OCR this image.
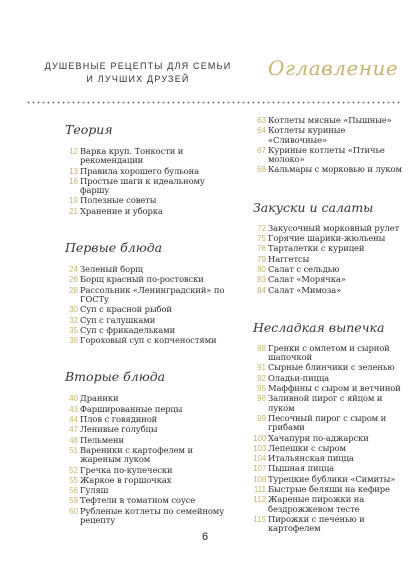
ДУШЕВНЫЕ РЕЦЕПТЫ ДЛЯ СЕМЬИ
И ЛУЧШИХ ДРУЗЕЙ	Оглавление
Теория
12 Варка круп. Тонкости и рекомендации
13 Правила хорошего бульона
16 Простые шаги к идеальному фаршу
19 Полезные советы
21 Хранение и уборка
Первые блюда
24 Зеленый борщ
26 Борщ красный по-ростовски
28 Рассольник «Ленинградский» по ГОСТу
30 Суп с красной рыбой
32 Суп с галушками
35 Суп с фрикадельками
36 Гороховый суп с копченостями
Вторые блюда
40 Драники
43 Фаршированные перцы
44 Плов с говядиной
47 Ленивые голубцы
48 Пельмени
51 Вареники с картофелем и жареным луком
52 Гречка по-купечески
55 Жаркое в горшочках
56 Гуляш
59 Тефтели в томатном соусе
60 Рубленые котлеты по семейному рецепту
63 Котлеты мясные «Пышные»
64 Котлеты куриные «Сливочные»
67 Куриные котлеты «Птичье молоко»
68 Кальмары с морковью и луком
Закуски и салаты
72 Закусочный морковный рулет
75 Горячие шарики-жюльены
76 Тарталетки с курицей
79 Наггетсы
80 Салат с сельдью
83 Салат «Морячка»
84 Салат «Мимоза»
Несладкая выпечка
88 Гренки с омлетом и сырной шапочкой
91 Сырные блинчики с зеленью
92 Оладьи-пицца
95 Маффины с сыром и ветчиной
96 Заливной пирог с яйцом и луком
99 Песочный пирог с сыром и грибами
100 Хачапури по-аджарски
103 Лепешки с сыром
104 Итальянская пицца
107 Пышная пицца
108 Турецкие бублики «Симиты»
111 Быстрые беляши на кефире
112 Жареные пирожки на бездрожжевом тесте
115 Пирожки с печенью и картофелем
6
